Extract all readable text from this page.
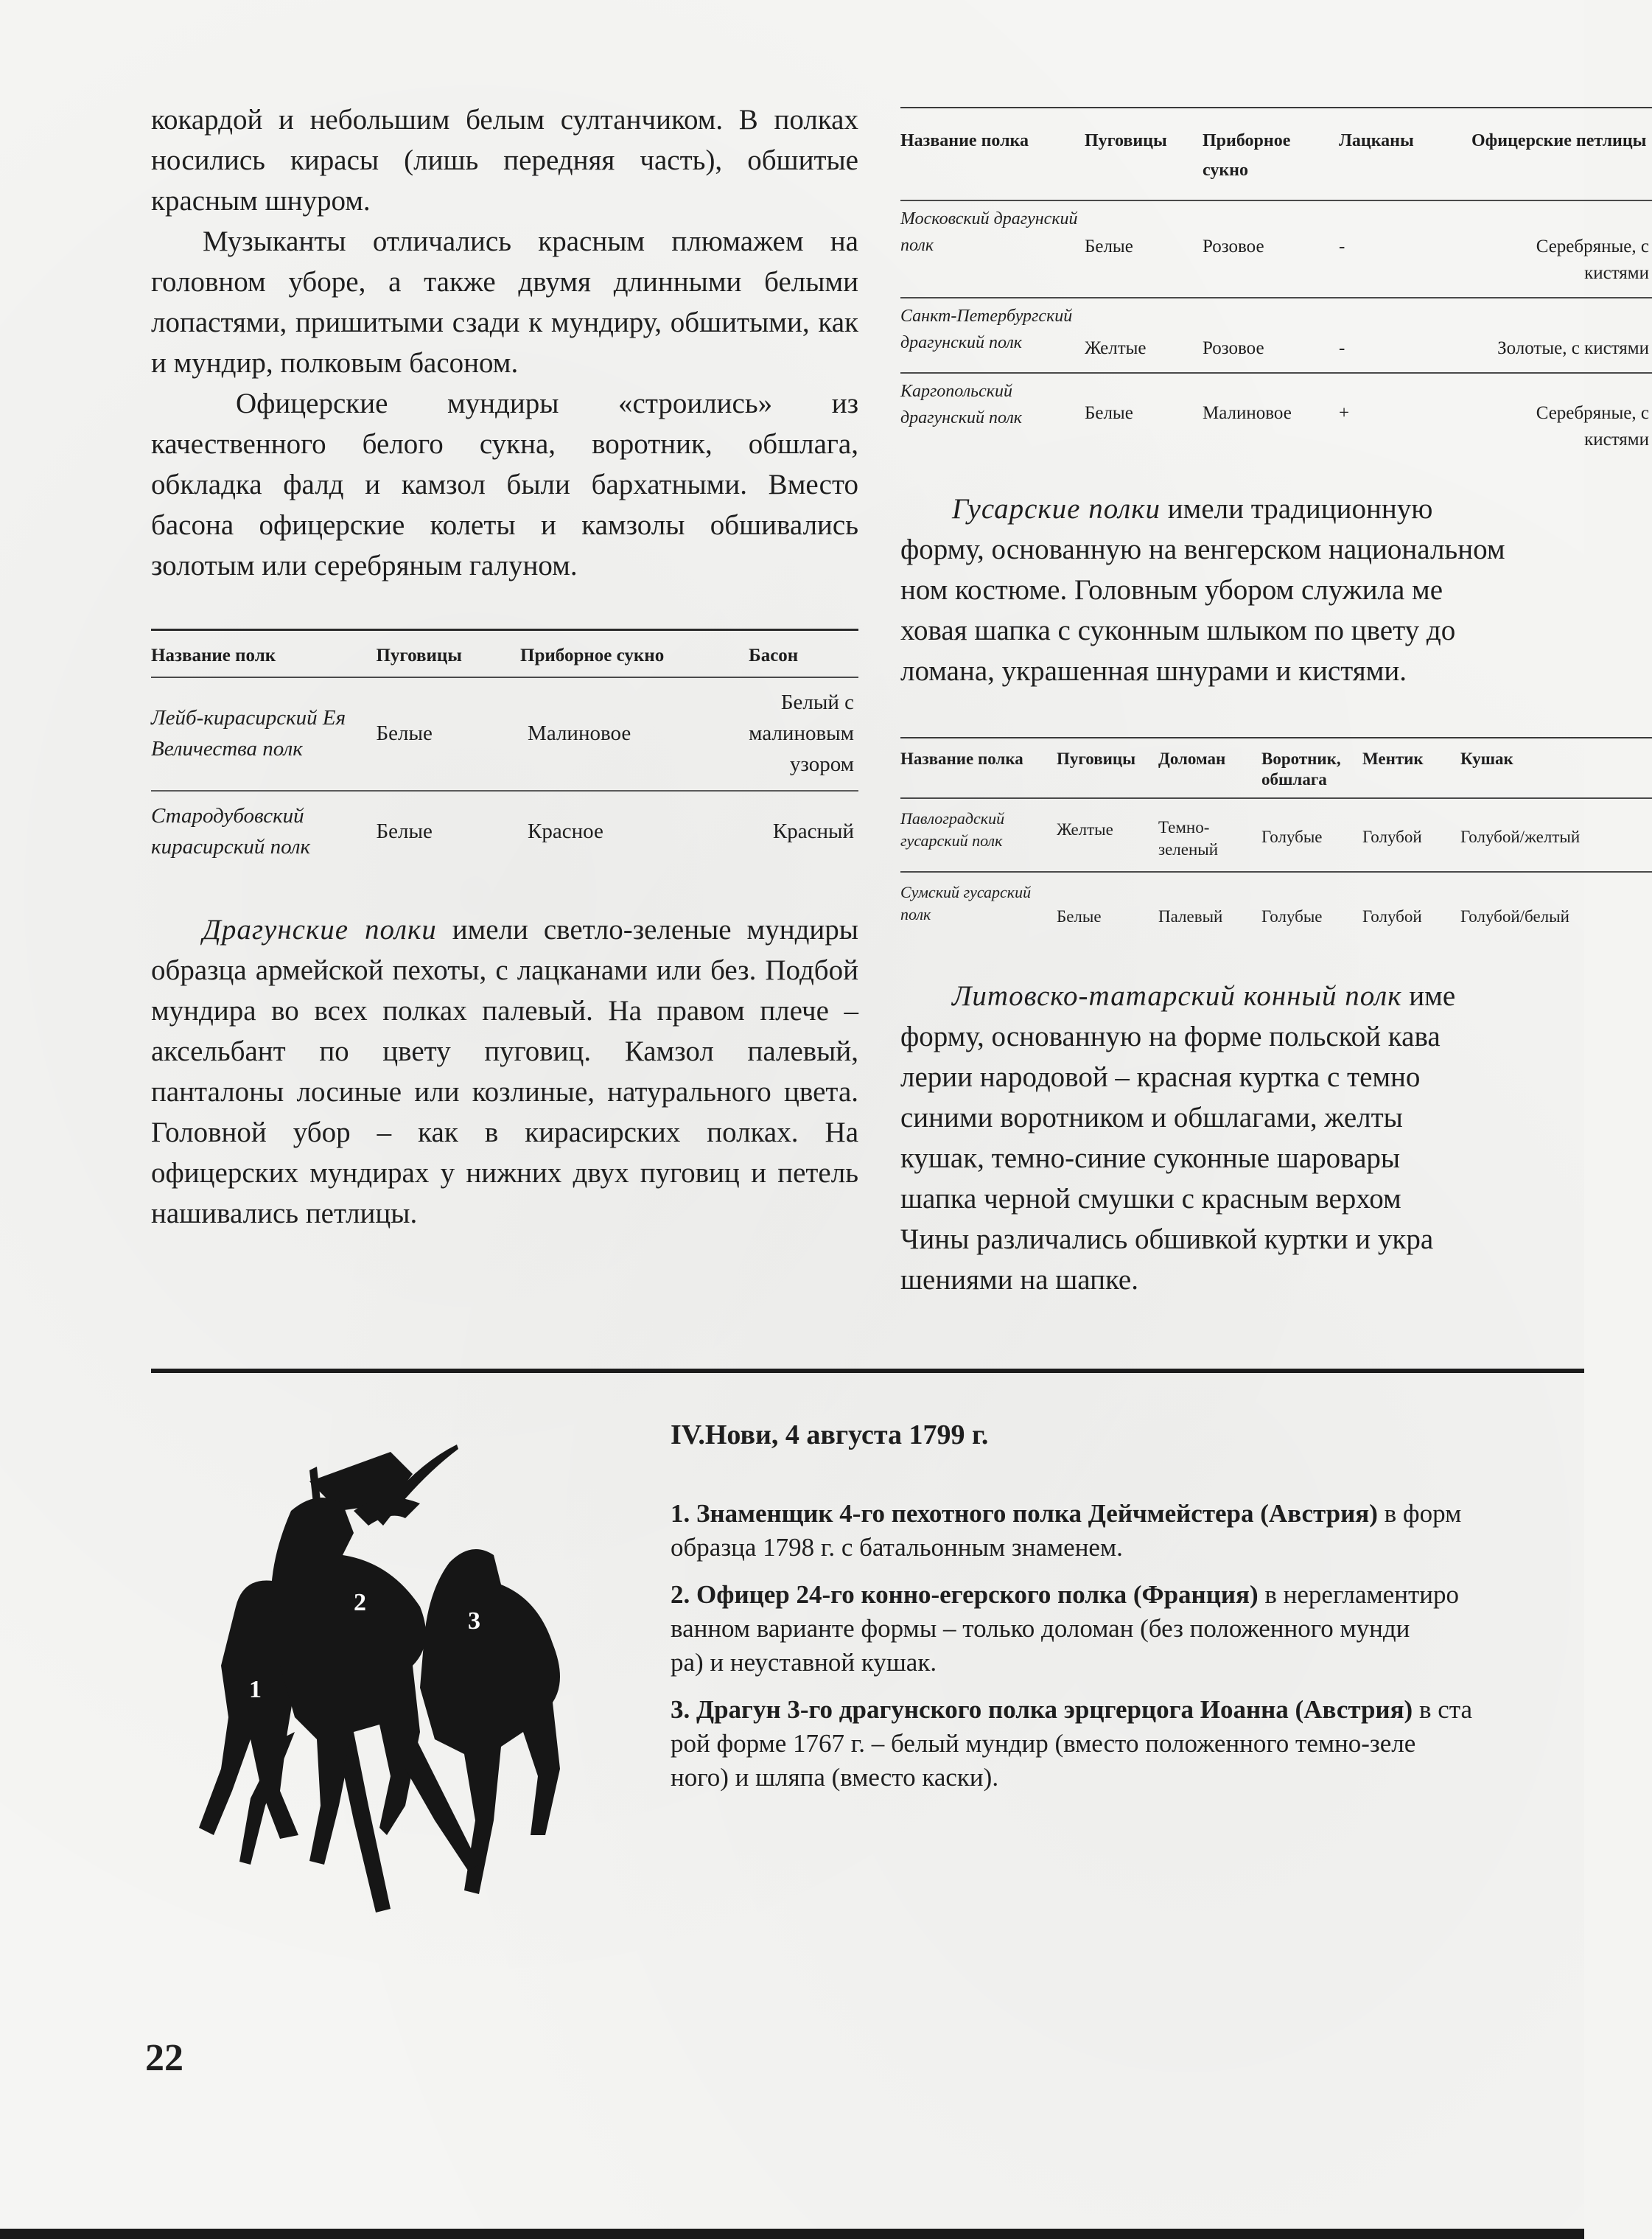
кокардой и небольшим белым султанчиком. В полках носились кирасы (лишь передняя часть), обшитые красным шнуром.

Музыканты отличались красным плюмажем на головном уборе, а также двумя длинными белыми лопастями, пришитыми сзади к мундиру, обшитыми, как и мундир, полковым басоном.

Офицерские мундиры «строились» из качественного белого сукна, воротник, обшлага, обкладка фалд и камзол были бархатными. Вместо басона офицерские колеты и камзолы обшивались золотым или серебряным галуном.

Название полк	Пуговицы	Приборное сукно	Басон
Лейб-кирасирский Ея Величества полк	Белые	Малиновое	Белый с малиновым узором
Стародубовский кирасирский полк	Белые	Красное	Красный

Драгунские полки имели светло-зеленые мундиры образца армейской пехоты, с лацканами или без. Подбой мундира во всех полках палевый. На правом плече – аксельбант по цвету пуговиц. Камзол палевый, панталоны лосиные или козлиные, натурального цвета. Головной убор – как в кирасирских полках. На офицерских мундирах у нижних двух пуговиц и петель нашивались петлицы.

Название полка	Пуговицы	Приборное сукно	Лацканы	Офицерские петлицы
Московский драгунский полк	Белые	Розовое	-	Серебряные, с кистями
Санкт-Петербургский драгунский полк	Желтые	Розовое	-	Золотые, с кистями
Каргопольский драгунский полк	Белые	Малиновое	+	Серебряные, с кистями

Гусарские полки имели традиционную

форму, основанную на венгерском национальном

ном костюме. Головным убором служила ме

ховая шапка с суконным шлыком по цвету до

ломана, украшенная шнурами и кистями.

Название полка	Пуговицы	Доломан	Воротник, обшлага	Ментик	Кушак
Павлоградский гусарский полк	Желтые	Темно-зеленый	Голубые	Голубой	Голубой/желтый
Сумский гусарский полк	Белые	Палевый	Голубые	Голубой	Голубой/белый

Литовско-татарский конный полк име

форму, основанную на форме польской кава

лерии народовой – красная куртка с темно

синими воротником и обшлагами, желты

кушак, темно-синие суконные шаровары

шапка черной смушки с красным верхом

Чины различались обшивкой куртки и укра

шениями на шапке.

1
2
3

IV.Нови, 4 августа 1799 г.

1. Знаменщик 4-го пехотного полка Дейчмейстера (Австрия) в форм
образца 1798 г. с батальонным знаменем.
2. Офицер 24-го конно-егерского полка (Франция) в нерегламентиро
ванном варианте формы – только доломан (без положенного мунди
ра) и неуставной кушак.
3. Драгун 3-го драгунского полка эрцгерцога Иоанна (Австрия) в ста
рой форме 1767 г. – белый мундир (вместо положенного темно-зеле
ного) и шляпа (вместо каски).
22
